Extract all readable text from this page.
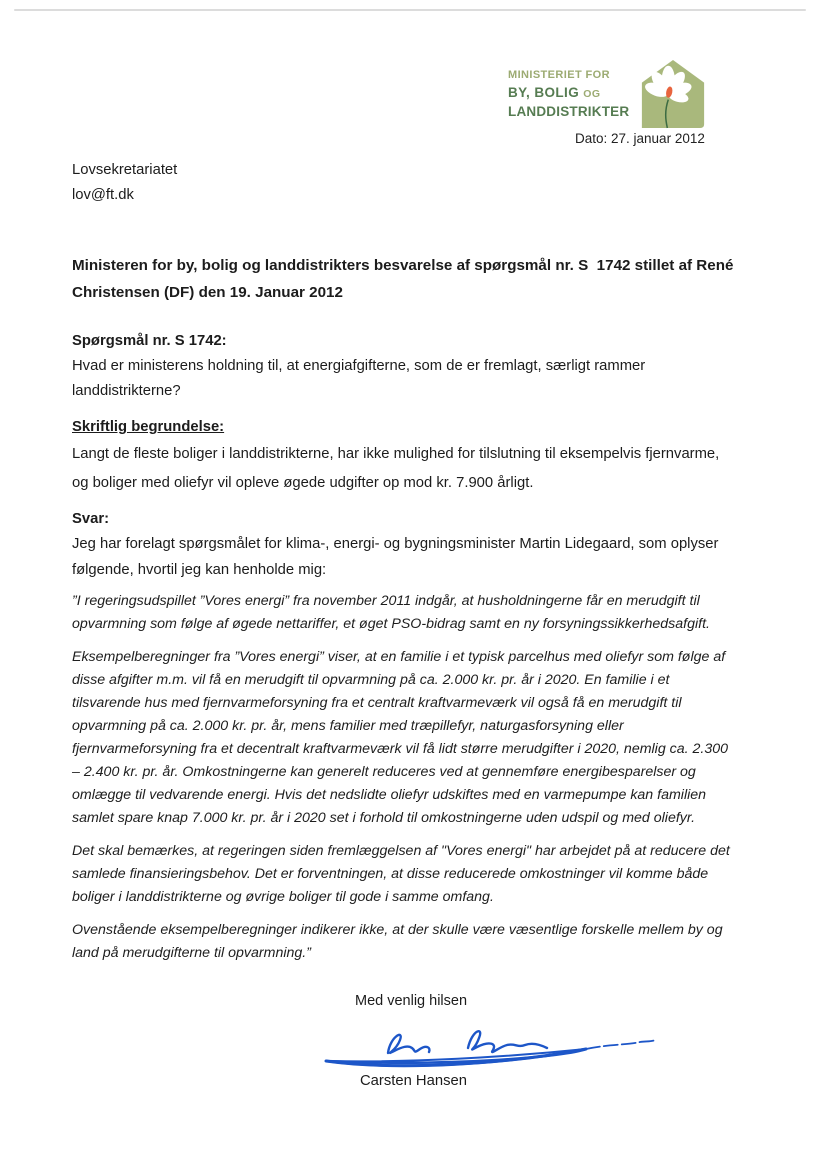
MINISTERIET FOR
BY, BOLIG OG
LANDDISTRIKTER
Dato: 27. januar 2012
Lovsekretariatet
lov@ft.dk
Ministeren for by, bolig og landdistrikters besvarelse af spørgsmål nr. S  1742 stillet af René Christensen (DF) den 19. Januar 2012
Spørgsmål nr. S 1742:

Hvad er ministerens holdning til, at energiafgifterne, som de er fremlagt, særligt rammer landdistrikterne?

Skriftlig begrundelse:

Langt de fleste boliger i landdistrikterne, har ikke mulighed for tilslutning til eksempelvis fjernvarme, og boliger med oliefyr vil opleve øgede udgifter op mod kr. 7.900 årligt.

Svar:

Jeg har forelagt spørgsmålet for klima-, energi- og bygningsminister Martin Lidegaard, som oplyser følgende, hvortil jeg kan henholde mig:

”I regeringsudspillet ”Vores energi” fra november 2011 indgår, at husholdningerne får en merudgift til opvarmning som følge af øgede nettariffer, et øget PSO-bidrag samt en ny forsyningssikkerhedsafgift.

Eksempelberegninger fra ”Vores energi” viser, at en familie i et typisk parcelhus med oliefyr som følge af disse afgifter m.m. vil få en merudgift til opvarmning på ca. 2.000 kr. pr. år i 2020. En familie i et tilsvarende hus med fjernvarmeforsyning fra et centralt kraftvarmeværk vil også få en merudgift til opvarmning på ca. 2.000 kr. pr. år, mens familier med træpillefyr, naturgasforsyning eller fjernvarmeforsyning fra et decentralt kraftvarmeværk vil få lidt større merudgifter i 2020, nemlig ca. 2.300 – 2.400 kr. pr. år. Omkostningerne kan generelt reduceres ved at gennemføre energibesparelser og omlægge til vedvarende energi. Hvis det nedslidte oliefyr udskiftes med en varmepumpe kan familien samlet spare knap 7.000 kr. pr. år i 2020 set i forhold til omkostningerne uden udspil og med oliefyr.

Det skal bemærkes, at regeringen siden fremlæggelsen af "Vores energi" har arbejdet på at reducere det samlede finansieringsbehov. Det er forventningen, at disse reducerede omkostninger vil komme både boliger i landdistrikterne og øvrige boliger til gode i samme omfang.

Ovenstående eksempelberegninger indikerer ikke, at der skulle være væsentlige forskelle mellem by og land på merudgifterne til opvarmning.”

Med venlig hilsen
Carsten Hansen
